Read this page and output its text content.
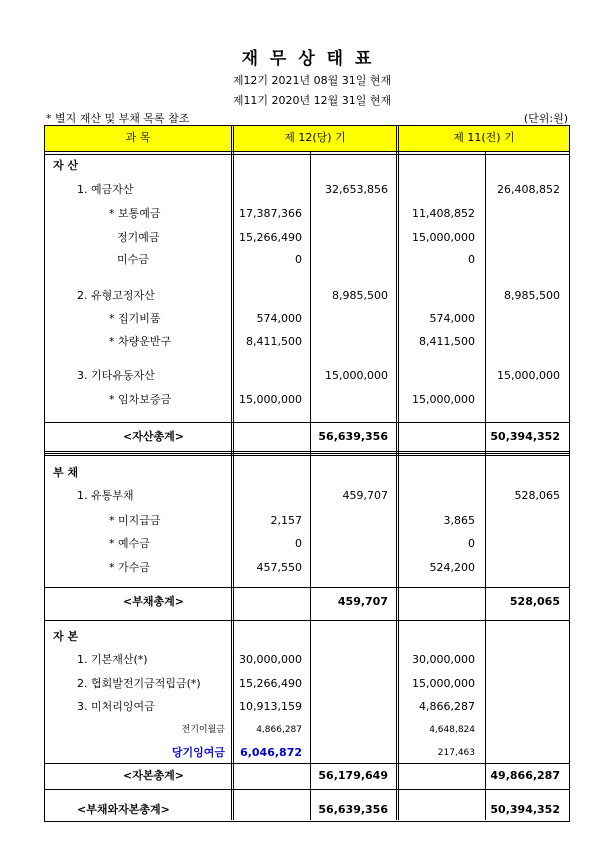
재 무 상 태 표
제12기 2021년 08월 31일 현재
제11기 2020년 12월 31일 현재
* 별지 재산 및 부채 목록 참조	(단위:원)
과 목	제 12(당) 기	제 11(전) 기
자 산
1. 예금자산	32,653,856	26,408,852
* 보통예금	17,387,366	11,408,852
정기예금	15,266,490	15,000,000
미수금	0	0
2. 유형고정자산	8,985,500	8,985,500
* 집기비품	574,000	574,000
* 차량운반구	8,411,500	8,411,500
3. 기타유동자산	15,000,000	15,000,000
* 임차보증금	15,000,000	15,000,000
<자산총계>	56,639,356	50,394,352
부 채
1. 유통부채	459,707	528,065
* 미지급금	2,157	3,865
* 예수금	0	0
* 가수금	457,550	524,200
<부채총계>	459,707	528,065
자 본
1. 기본재산(*)	30,000,000	30,000,000
2. 협회발전기금적립금(*)	15,266,490	15,000,000
3. 미처리잉여금	10,913,159	4,866,287
전기이월금	4,866,287	4,648,824
당기잉여금 6,046,872	217,463
<자본총계>	56,179,649	49,866,287
<부채와자본총계>	56,639,356	50,394,352
